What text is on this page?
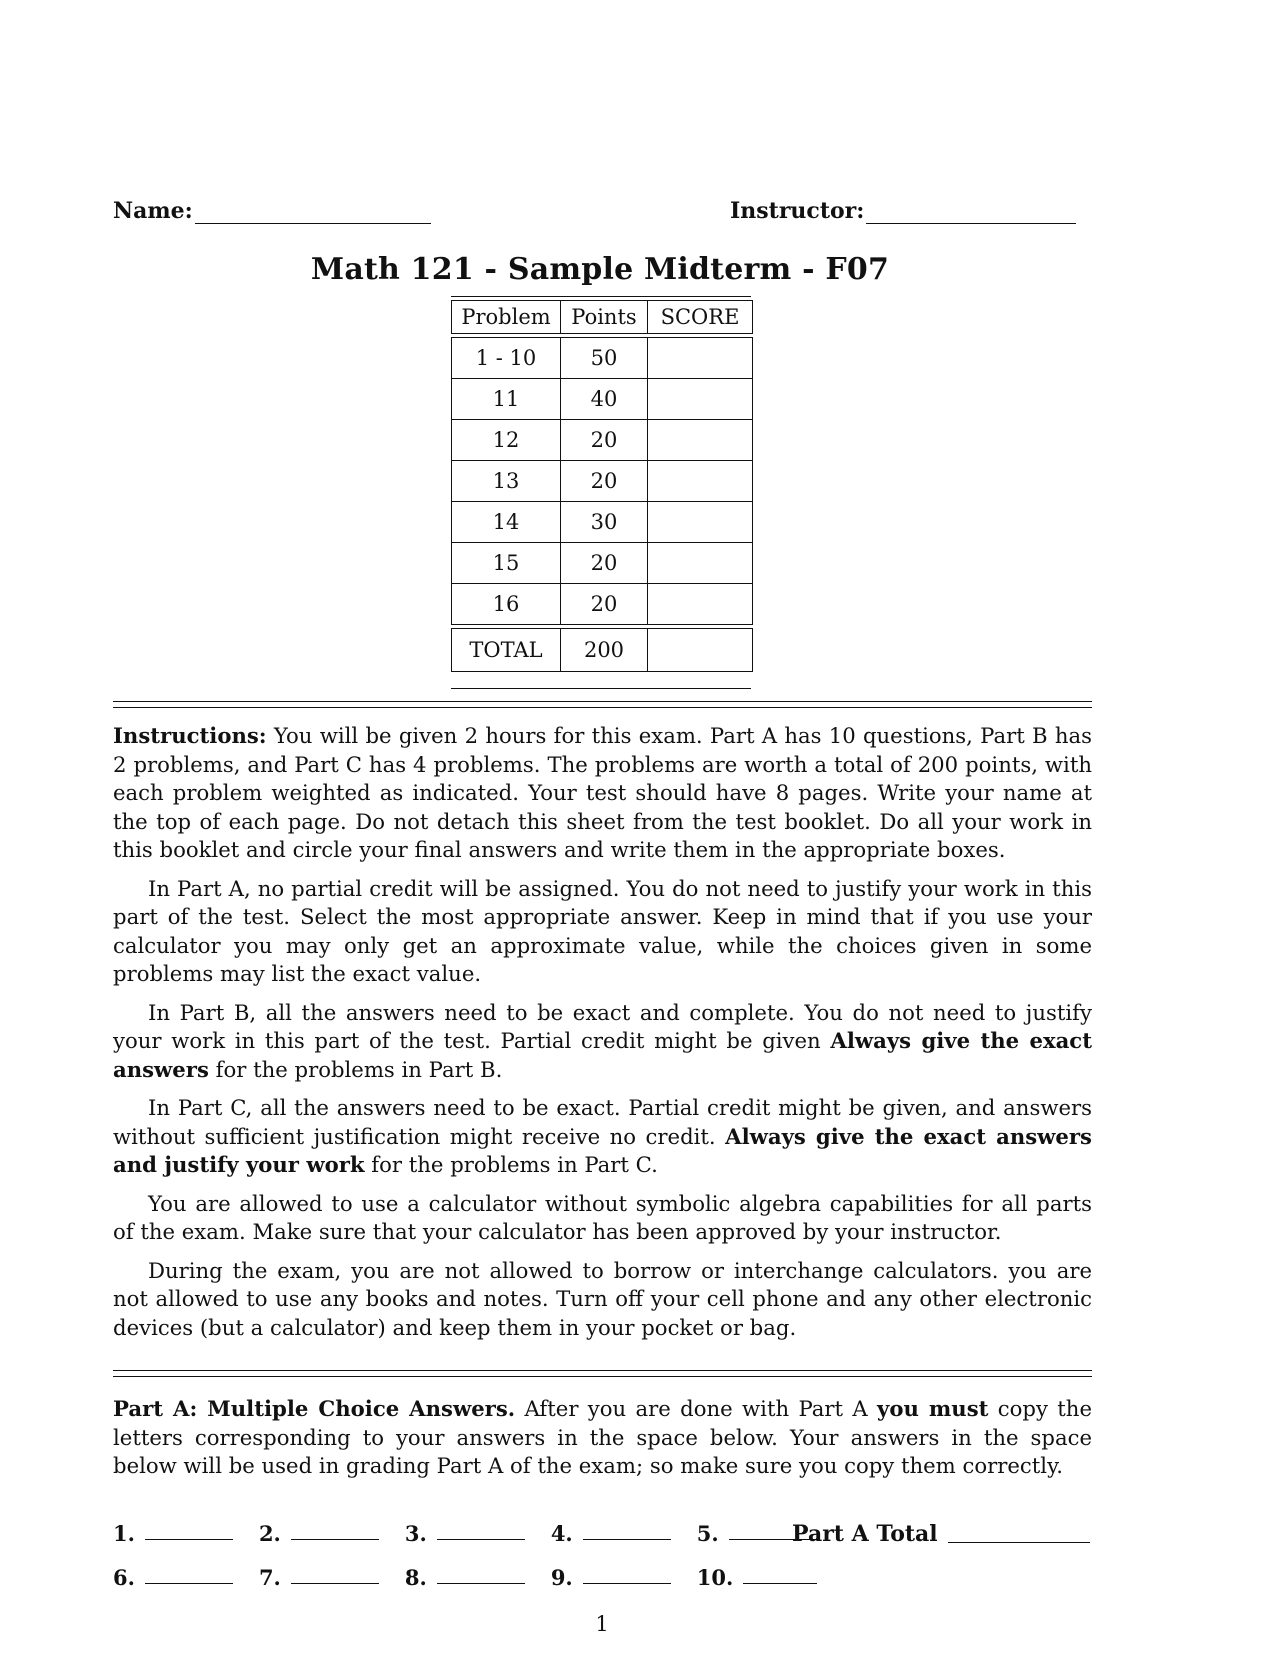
Name:	Instructor:
Math 121 - Sample Midterm - F07
Problem	Points	SCORE

1 - 10	50	
11	40	
12	20	
13	20	
14	30	
15	20	
16	20	

TOTAL	200	

Instructions: You will be given 2 hours for this exam. Part A has 10 questions, Part B has 2 problems, and Part C has 4 problems. The problems are worth a total of 200 points, with each problem weighted as indicated. Your test should have 8 pages. Write your name at the top of each page. Do not detach this sheet from the test booklet. Do all your work in this booklet and circle your final answers and write them in the appropriate boxes.

In Part A, no partial credit will be assigned. You do not need to justify your work in this part of the test. Select the most appropriate answer. Keep in mind that if you use your calculator you may only get an approximate value, while the choices given in some problems may list the exact value.

In Part B, all the answers need to be exact and complete. You do not need to justify your work in this part of the test. Partial credit might be given Always give the exact answers for the problems in Part B.

In Part C, all the answers need to be exact. Partial credit might be given, and answers without sufficient justification might receive no credit. Always give the exact answers and justify your work for the problems in Part C.

You are allowed to use a calculator without symbolic algebra capabilities for all parts of the exam. Make sure that your calculator has been approved by your instructor.

During the exam, you are not allowed to borrow or interchange calculators. you are not allowed to use any books and notes. Turn off your cell phone and any other electronic devices (but a calculator) and keep them in your pocket or bag.

Part A: Multiple Choice Answers. After you are done with Part A you must copy the letters corresponding to your answers in the space below. Your answers in the space below will be used in grading Part A of the exam; so make sure you copy them correctly.

1.	2.	3.	4.	5.
6.	7.	8.	9.	10.
Part A Total
1
